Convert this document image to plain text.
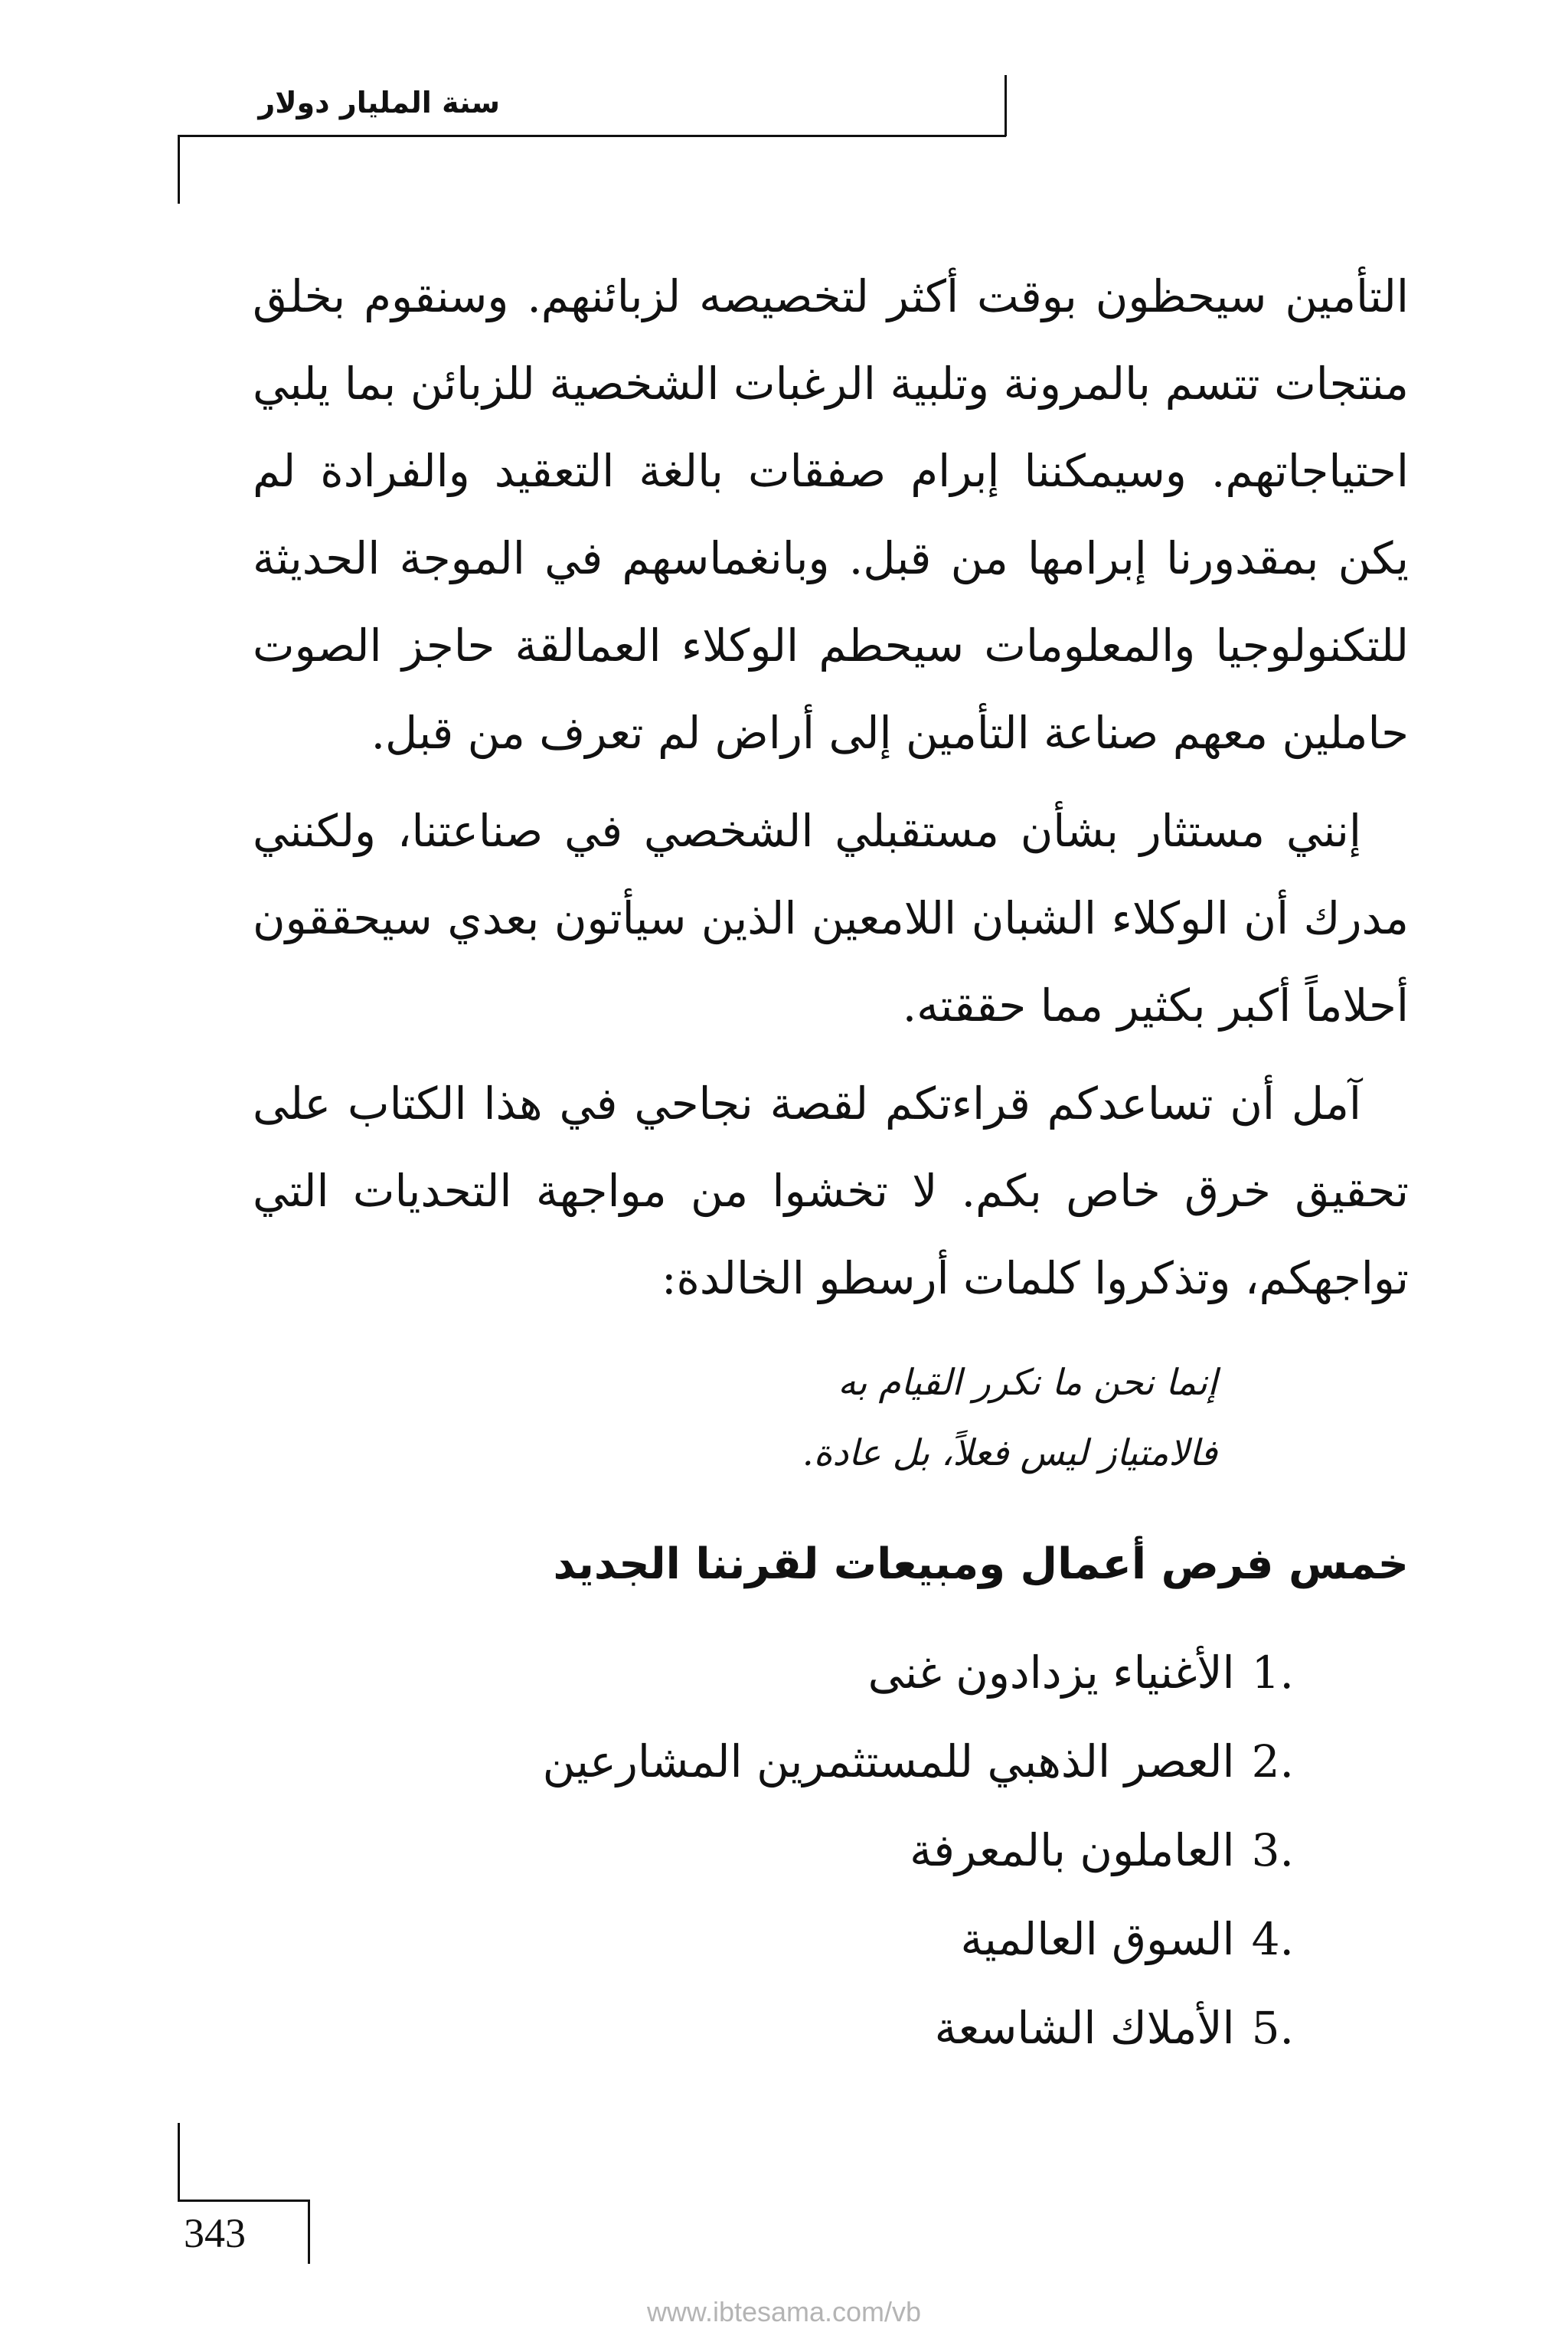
سنة المليار دولار

التأمين سيحظون بوقت أكثر لتخصيصه لزبائنهم. وسنقوم بخلق منتجات تتسم بالمرونة وتلبية الرغبات الشخصية للزبائن بما يلبي احتياجاتهم. وسيمكننا إبرام صفقات بالغة التعقيد والفرادة لم يكن بمقدورنا إبرامها من قبل. وبانغماسهم في الموجة الحديثة للتكنولوجيا والمعلومات سيحطم الوكلاء العمالقة حاجز الصوت حاملين معهم صناعة التأمين إلى أراض لم تعرف من قبل.

إنني مستثار بشأن مستقبلي الشخصي في صناعتنا، ولكنني مدرك أن الوكلاء الشبان اللامعين الذين سيأتون بعدي سيحققون أحلاماً أكبر بكثير مما حققته.

آمل أن تساعدكم قراءتكم لقصة نجاحي في هذا الكتاب على تحقيق خرق خاص بكم. لا تخشوا من مواجهة التحديات التي تواجهكم، وتذكروا كلمات أرسطو الخالدة:

إنما نحن ما نكرر القيام به
فالامتياز ليس فعلاً، بل عادة.
خمس فرص أعمال ومبيعات لقرننا الجديد
1.الأغنياء يزدادون غنى
2.العصر الذهبي للمستثمرين المشارعين
3.العاملون بالمعرفة
4.السوق العالمية
5.الأملاك الشاسعة
343
www.ibtesama.com/vb
